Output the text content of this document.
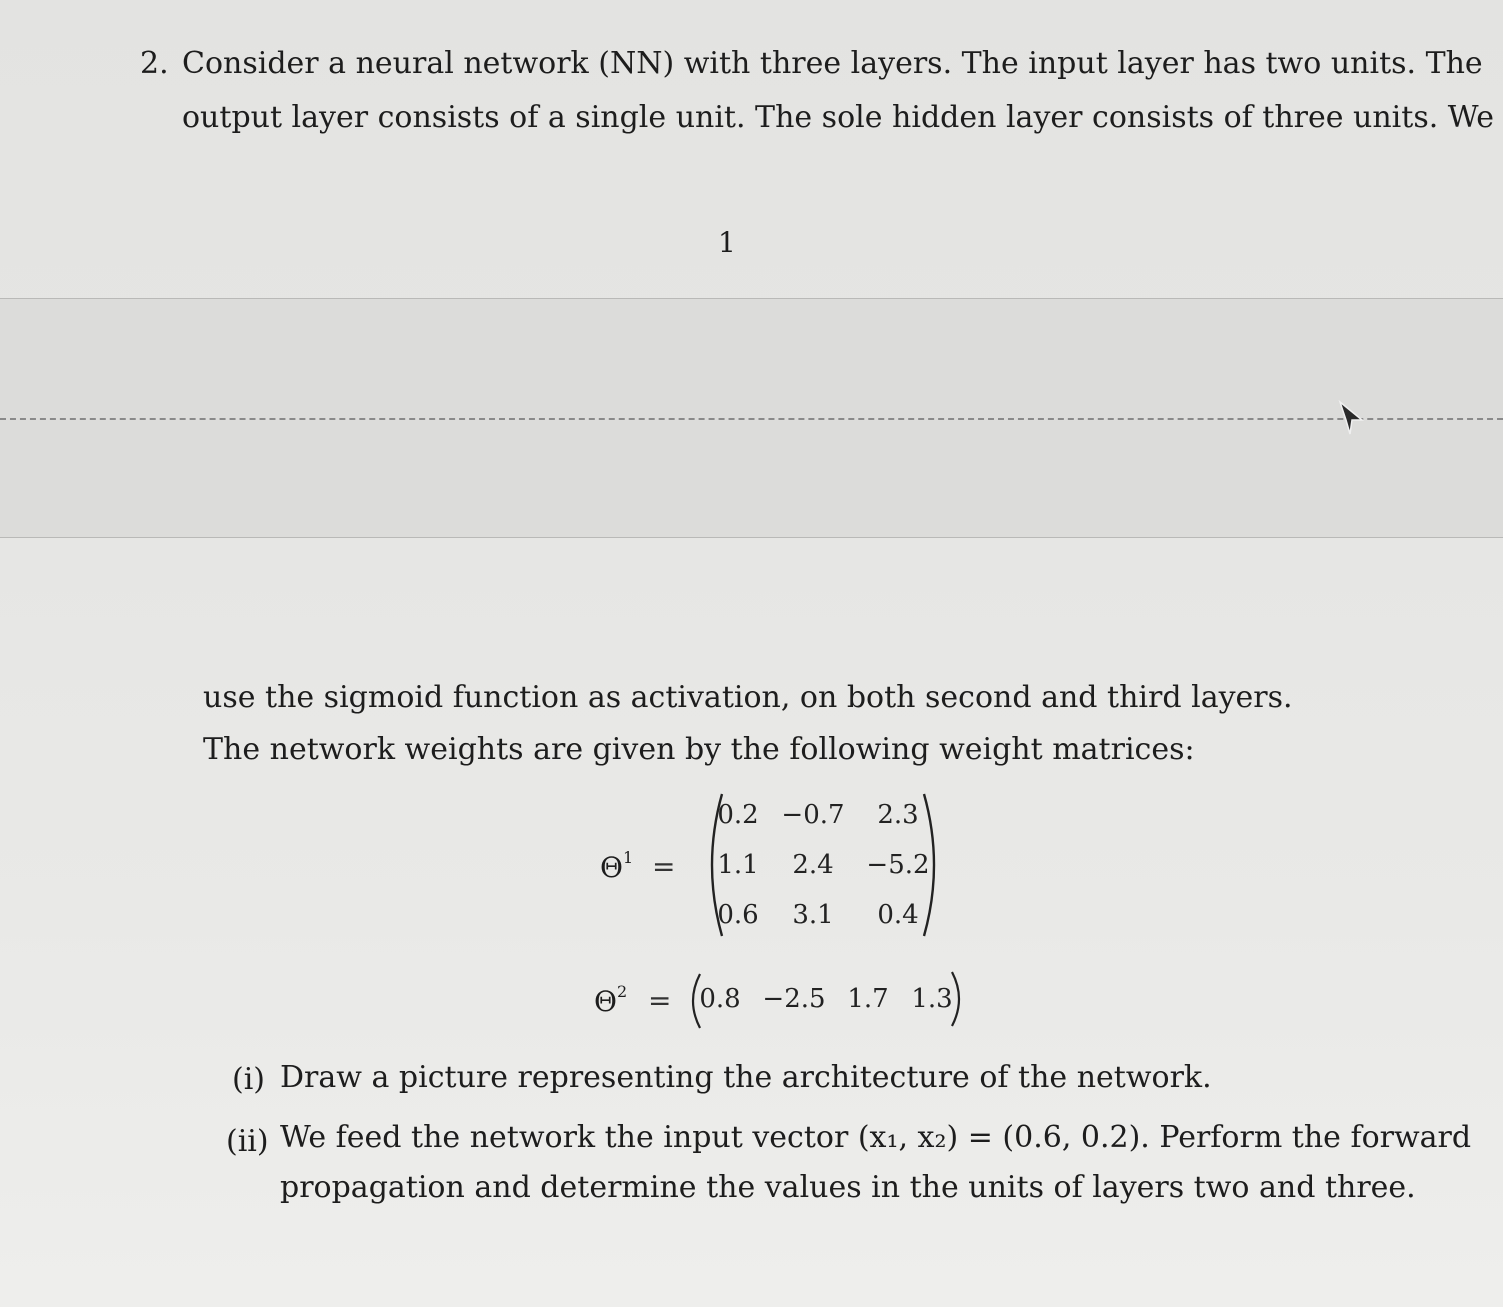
2. Consider a neural network (NN) with three layers. The input layer has two units. The
output layer consists of a single unit. The sole hidden layer consists of three units. We
1
use the sigmoid function as activation, on both second and third layers.
The network weights are given by the following weight matrices:
$\Theta^1$ =
0.2 −0.7	2.3
1.1	2.4	−5.2
0.6	3.1	0.4
$\Theta^2$ =	0.8 −2.5 1.7 1.3
(i) Draw a picture representing the architecture of the network.
(ii) We feed the network the input vector (x₁, x₂) = (0.6, 0.2). Perform the forward
propagation and determine the values in the units of layers two and three.
